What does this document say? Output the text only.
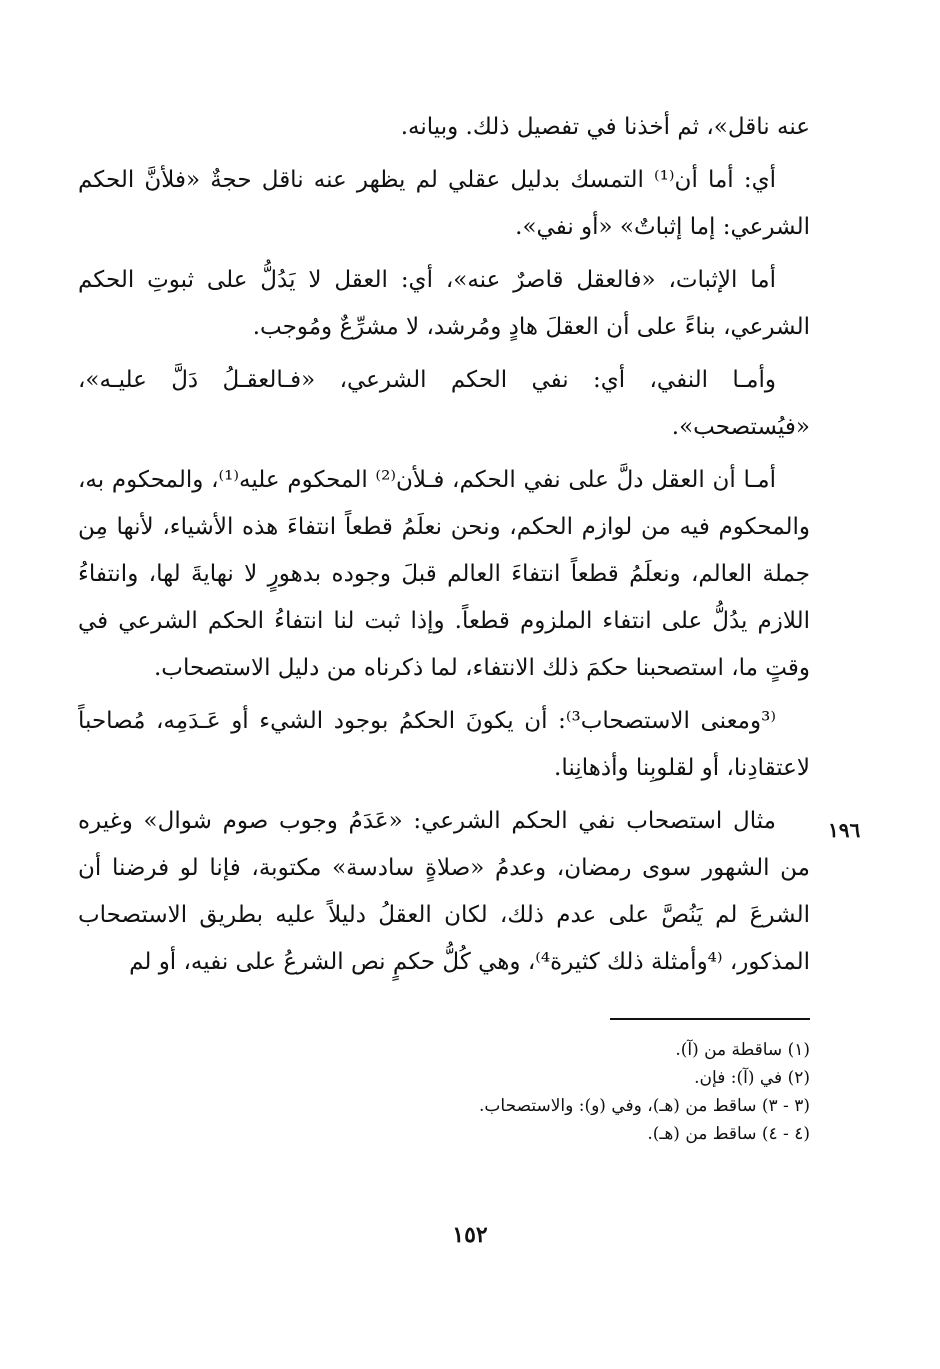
عنه ناقل»، ثم أخذنا في تفصيل ذلك. وبيانه.

أي: أما أن⁽¹⁾ التمسك بدليل عقلي لم يظهر عنه ناقل حجةٌ «فلأنَّ الحكم الشرعي: إما إثباتٌ» «أو نفي».

أما الإثبات، «فالعقل قاصرٌ عنه»، أي: العقل لا يَدُلُّ على ثبوتِ الحكم الشرعي، بناءً على أن العقلَ هادٍ ومُرشد، لا مشرِّعٌ ومُوجب.

وأمـا النفي، أي: نفي الحكم الشرعي، «فـالعقـلُ دَلَّ عليـه»، «فيُستصحب».

أمـا أن العقل دلَّ على نفي الحكم، فـلأن⁽²⁾ المحكوم عليه⁽¹⁾، والمحكوم به، والمحكوم فيه من لوازم الحكم، ونحن نعلَمُ قطعاً انتفاءَ هذه الأشياء، لأنها مِن جملة العالم، ونعلَمُ قطعاً انتفاءَ العالم قبلَ وجوده بدهورٍ لا نهايةَ لها، وانتفاءُ اللازم يدُلُّ على انتفاء الملزوم قطعاً. وإذا ثبت لنا انتفاءُ الحكم الشرعي في وقتٍ ما، استصحبنا حكمَ ذلك الانتفاء، لما ذكرناه من دليل الاستصحاب.

⁽³ومعنى الاستصحاب³⁾: أن يكونَ الحكمُ بوجود الشيء أو عَـدَمِه، مُصاحباً لاعتقادِنا، أو لقلوبِنا وأذهانِنا.

مثال استصحاب نفي الحكم الشرعي: «عَدَمُ وجوب صوم شوال» وغيره من الشهور سوى رمضان، وعدمُ «صلاةٍ سادسة» مكتوبة، فإنا لو فرضنا أن الشرعَ لم يَنُصَّ على عدم ذلك، لكان العقلُ دليلاً عليه بطريق الاستصحاب المذكور، ⁽⁴وأمثلة ذلك كثيرة⁴⁾، وهي كُلُّ حكمٍ نص الشرعُ على نفيه، أو لم

١٩٦
(١) ساقطة من (آ).
(٢) في (آ): فإن.
(٣ - ٣) ساقط من (هـ)، وفي (و): والاستصحاب.
(٤ - ٤) ساقط من (هـ).
١٥٢
